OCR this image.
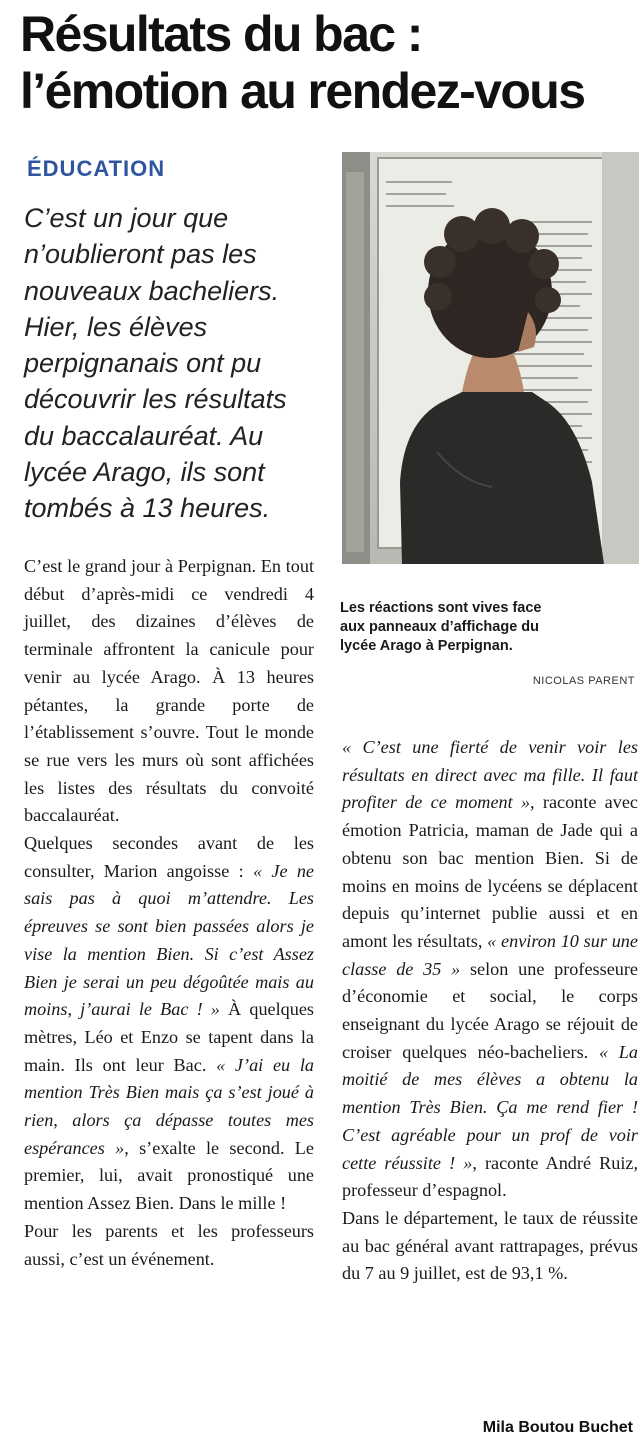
Résultats du bac :
l’émotion au rendez-vous
ÉDUCATION
C’est un jour que
n’oublieront pas les
nouveaux bacheliers.
Hier, les élèves
perpignanais ont pu
découvrir les résultats
du baccalauréat. Au
lycée Arago, ils sont
tombés à 13 heures.
Les réactions sont vives face
aux panneaux d’affichage du
lycée Arago à Perpignan.
NICOLAS PARENT

C’est le grand jour à Perpignan. En tout début d’après-midi ce vendredi 4 juillet, des dizaines d’élèves de terminale affrontent la canicule pour venir au lycée Arago. À 13 heures pétantes, la grande porte de l’établissement s’ouvre. Tout le monde se rue vers les murs où sont affichées les listes des résultats du convoité baccalauréat.

Quelques secondes avant de les consulter, Marion angoisse : « Je ne sais pas à quoi m’attendre. Les épreuves se sont bien passées alors je vise la mention Bien. Si c’est Assez Bien je serai un peu dégoûtée mais au moins, j’aurai le Bac ! » À quelques mètres, Léo et Enzo se tapent dans la main. Ils ont leur Bac. « J’ai eu la mention Très Bien mais ça s’est joué à rien, alors ça dépasse toutes mes espérances », s’exalte le second. Le premier, lui, avait pronostiqué une mention Assez Bien. Dans le mille !

Pour les parents et les professeurs aussi, c’est un événement.

« C’est une fierté de venir voir les résultats en direct avec ma fille. Il faut profiter de ce moment », raconte avec émotion Patricia, maman de Jade qui a obtenu son bac mention Bien. Si de moins en moins de lycéens se déplacent depuis qu’internet publie aussi et en amont les résultats, « environ 10 sur une classe de 35 » selon une professeure d’économie et social, le corps enseignant du lycée Arago se réjouit de croiser quelques néo-bacheliers. « La moitié de mes élèves a obtenu la mention Très Bien. Ça me rend fier ! C’est agréable pour un prof de voir cette réussite ! », raconte André Ruiz, professeur d’espagnol.

Dans le département, le taux de réussite au bac général avant rattrapages, prévus du 7 au 9 juillet, est de 93,1 %.

Mila Boutou Buchet
